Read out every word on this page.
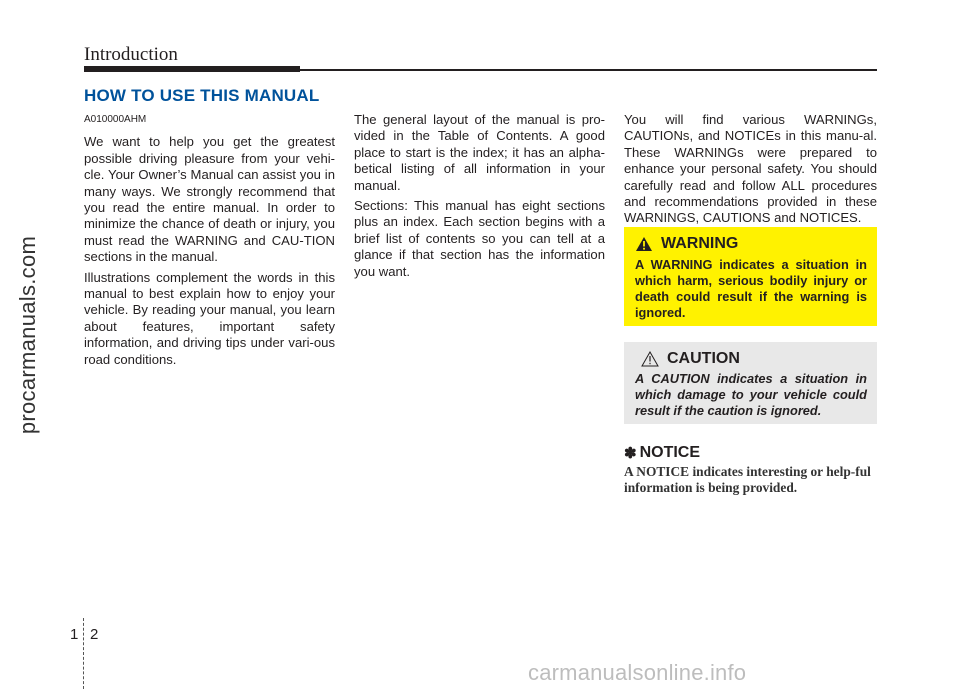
Introduction
HOW TO USE THIS MANUAL

A010000AHM

We want to help you get the greatest possible driving pleasure from your vehi-cle. Your Owner’s Manual can assist you in many ways. We strongly recommend that you read the entire manual. In order to minimize the chance of death or injury, you must read the WARNING and CAU-TION sections in the manual.

Illustrations complement the words in this manual to best explain how to enjoy your vehicle. By reading your manual, you learn about features, important safety information, and driving tips under vari-ous road conditions.

The general layout of the manual is pro-vided in the Table of Contents. A good place to start is the index; it has an alpha-betical listing of all information in your manual.

Sections: This manual has eight sections plus an index. Each section begins with a brief list of contents so you can tell at a glance if that section has the information you want.

You will find various WARNINGs, CAUTIONs, and NOTICEs in this manu-al. These WARNINGs were prepared to enhance your personal safety. You should carefully read and follow ALL procedures and recommendations provided in these WARNINGS, CAUTIONS and NOTICES.

WARNING

A WARNING indicates a situation in which harm, serious bodily injury or death could result if the warning is ignored.

CAUTION

A CAUTION indicates a situation in which damage to your vehicle could result if the caution is ignored.

✽ NOTICE
A NOTICE indicates interesting or help-ful information is being provided.
procarmanuals.com
1 2
carmanualsonline.info
